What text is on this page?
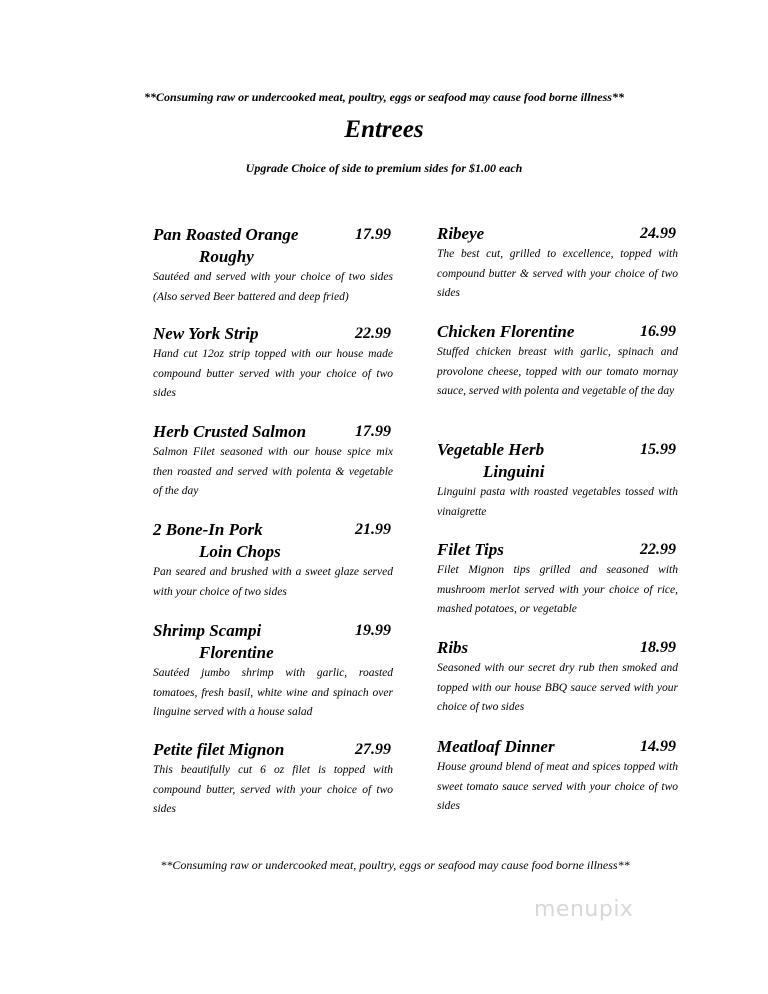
**Consuming raw or undercooked meat, poultry, eggs or seafood may cause food borne illness**
Entrees
Upgrade Choice of side to premium sides for $1.00 each
Pan Roasted Orange	17.99
Roughy
Sautéed and served with your choice of two sides (Also served Beer battered and deep fried)
New York Strip	22.99
Hand cut 12oz strip topped with our house made compound butter served with your choice of two sides
Herb Crusted Salmon	17.99
Salmon Filet seasoned with our house spice mix then roasted and served with polenta & vegetable of the day
2 Bone-In Pork	21.99
Loin Chops
Pan seared and brushed with a sweet glaze served with your choice of two sides
Shrimp Scampi	19.99
Florentine
Sautéed jumbo shrimp with garlic, roasted tomatoes, fresh basil, white wine and spinach over linguine served with a house salad
Petite filet Mignon	27.99
This beautifully cut 6 oz filet is topped with compound butter, served with your choice of two sides
Ribeye	24.99
The best cut, grilled to excellence, topped with compound butter & served with your choice of two sides
Chicken Florentine	16.99
Stuffed chicken breast with garlic, spinach and provolone cheese, topped with our tomato mornay sauce, served with polenta and vegetable of the day
Vegetable Herb	15.99
Linguini
Linguini pasta with roasted vegetables tossed with vinaigrette
Filet Tips	22.99
Filet Mignon tips grilled and seasoned with mushroom merlot served with your choice of rice, mashed potatoes, or vegetable
Ribs	18.99
Seasoned with our secret dry rub then smoked and topped with our house BBQ sauce served with your choice of two sides
Meatloaf Dinner	14.99
House ground blend of meat and spices topped with sweet tomato sauce served with your choice of two sides
**Consuming raw or undercooked meat, poultry, eggs or seafood may cause food borne illness**
menupix
